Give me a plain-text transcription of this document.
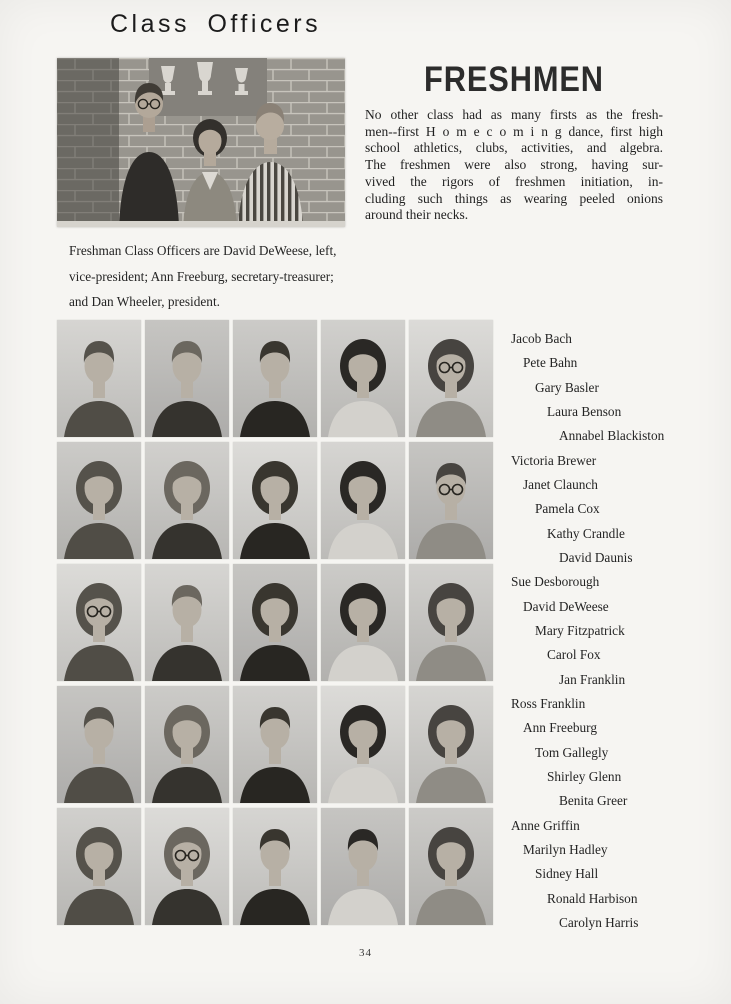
Class Officers
FRESHMEN
No other class had as many firsts as the fresh-
men--first H o m e c o m i n g dance, first high
school athletics, clubs, activities, and algebra.
The freshmen were also strong, having sur-
vived the rigors of freshmen initiation, in-
cluding such things as wearing peeled onions
around their necks.
Freshman Class Officers are David DeWeese, left,
vice-president; Ann Freeburg, secretary-treasurer;
and Dan Wheeler, president.
Jacob Bach
Pete Bahn
Gary Basler
Laura Benson
Annabel Blackiston
Victoria Brewer
Janet Claunch
Pamela Cox
Kathy Crandle
David Daunis
Sue Desborough
David DeWeese
Mary Fitzpatrick
Carol Fox
Jan Franklin
Ross Franklin
Ann Freeburg
Tom Gallegly
Shirley Glenn
Benita Greer
Anne Griffin
Marilyn Hadley
Sidney Hall
Ronald Harbison
Carolyn Harris
34
